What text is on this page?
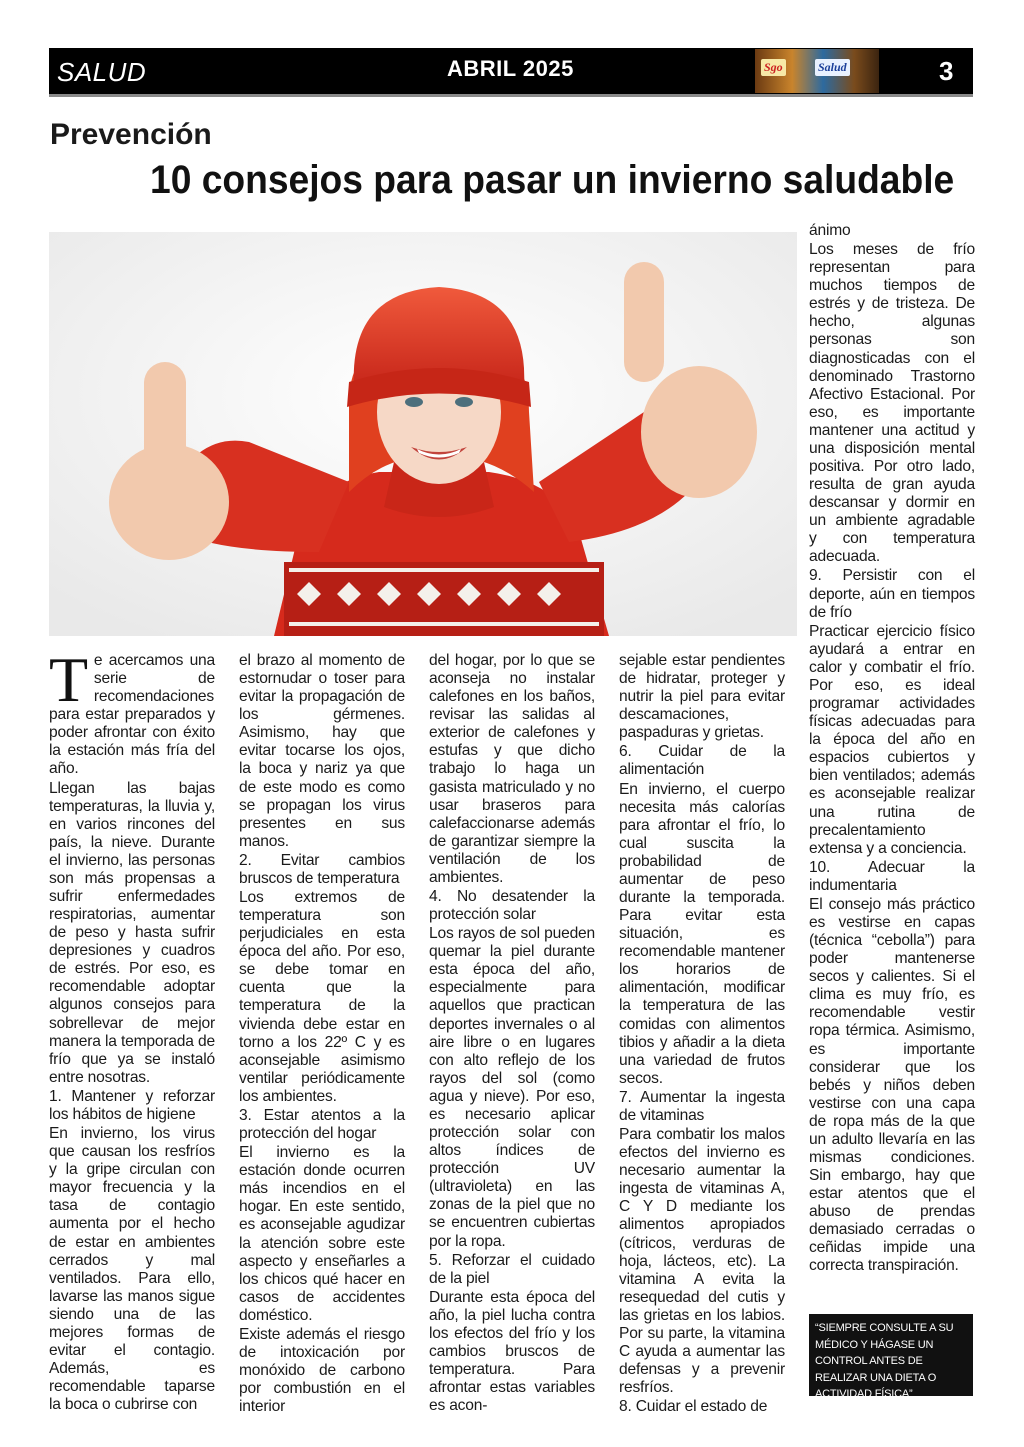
SALUD	ABRIL 2025	Sgo	Salud	3
Prevención
10 consejos para pasar un invierno saludable

Te acercamos una serie de recomendaciones para estar preparados y poder afrontar con éxito la estación más fría del año.

Llegan las bajas temperaturas, la lluvia y, en varios rincones del país, la nieve. Durante el invierno, las personas son más propensas a sufrir enfermedades respiratorias, aumentar de peso y hasta sufrir depresiones y cuadros de estrés. Por eso, es recomendable adoptar algunos consejos para sobrellevar de mejor manera la temporada de frío que ya se instaló entre nosotras.

1. Mantener y reforzar los hábitos de higiene

En invierno, los virus que causan los resfríos y la gripe circulan con mayor frecuencia y la tasa de contagio aumenta por el hecho de estar en ambientes cerrados y mal ventilados. Para ello, lavarse las manos sigue siendo una de las mejores formas de evitar el contagio. Además, es recomendable taparse la boca o cubrirse con

el brazo al momento de estornudar o toser para evitar la propagación de los gérmenes. Asimismo, hay que evitar tocarse los ojos, la boca y nariz ya que de este modo es como se propagan los virus presentes en sus manos.

2. Evitar cambios bruscos de temperatura

Los extremos de temperatura son perjudiciales en esta época del año. Por eso, se debe tomar en cuenta que la temperatura de la vivienda debe estar en torno a los 22º C y es aconsejable asimismo ventilar periódicamente los ambientes.

3. Estar atentos a la protección del hogar

El invierno es la estación donde ocurren más incendios en el hogar. En este sentido, es aconsejable agudizar la atención sobre este aspecto y enseñarles a los chicos qué hacer en casos de accidentes doméstico.

Existe además el riesgo de intoxicación por monóxido de carbono por combustión en el interior

del hogar, por lo que se aconseja no instalar calefones en los baños, revisar las salidas al exterior de calefones y estufas y que dicho trabajo lo haga un gasista matriculado y no usar braseros para calefaccionarse además de garantizar siempre la ventilación de los ambientes.

4. No desatender la protección solar

Los rayos de sol pueden quemar la piel durante esta época del año, especialmente para aquellos que practican deportes invernales o al aire libre o en lugares con alto reflejo de los rayos del sol (como agua y nieve). Por eso, es necesario aplicar protección solar con altos índices de protección UV (ultravioleta) en las zonas de la piel que no se encuentren cubiertas por la ropa.

5. Reforzar el cuidado de la piel

Durante esta época del año, la piel lucha contra los efectos del frío y los cambios bruscos de temperatura. Para afrontar estas variables es acon-

sejable estar pendientes de hidratar, proteger y nutrir la piel para evitar descamaciones, paspaduras y grietas.

6. Cuidar de la alimentación

En invierno, el cuerpo necesita más calorías para afrontar el frío, lo cual suscita la probabilidad de aumentar de peso durante la temporada. Para evitar esta situación, es recomendable mantener los horarios de alimentación, modificar la temperatura de las comidas con alimentos tibios y añadir a la dieta una variedad de frutos secos.

7. Aumentar la ingesta de vitaminas

Para combatir los malos efectos del invierno es necesario aumentar la ingesta de vitaminas A, C Y D mediante los alimentos apropiados (cítricos, verduras de hoja, lácteos, etc). La vitamina A evita la resequedad del cutis y las grietas en los labios. Por su parte, la vitamina C ayuda a aumentar las defensas y a prevenir resfríos.

8. Cuidar el estado de

ánimo

Los meses de frío representan para muchos tiempos de estrés y de tristeza. De hecho, algunas personas son diagnosticadas con el denominado Trastorno Afectivo Estacional. Por eso, es importante mantener una actitud y una disposición mental positiva. Por otro lado, resulta de gran ayuda descansar y dormir en un ambiente agradable y con temperatura adecuada.

9. Persistir con el deporte, aún en tiempos de frío

Practicar ejercicio físico ayudará a entrar en calor y combatir el frío. Por eso, es ideal programar actividades físicas adecuadas para la época del año en espacios cubiertos y bien ventilados; además es aconsejable realizar una rutina de precalentamiento extensa y a conciencia.

10. Adecuar la indumentaria

El consejo más práctico es vestirse en capas (técnica “cebolla”) para poder mantenerse secos y calientes. Si el clima es muy frío, es recomendable vestir ropa térmica. Asimismo, es importante considerar que los bebés y niños deben vestirse con una capa de ropa más de la que un adulto llevaría en las mismas condiciones. Sin embargo, hay que estar atentos que el abuso de prendas demasiado cerradas o ceñidas impide una correcta transpiración.

“SIEMPRE CONSULTE A SU MÉDICO Y HÁGASE UN CONTROL ANTES DE REALIZAR UNA DIETA O ACTIVIDAD FÍSICA”
